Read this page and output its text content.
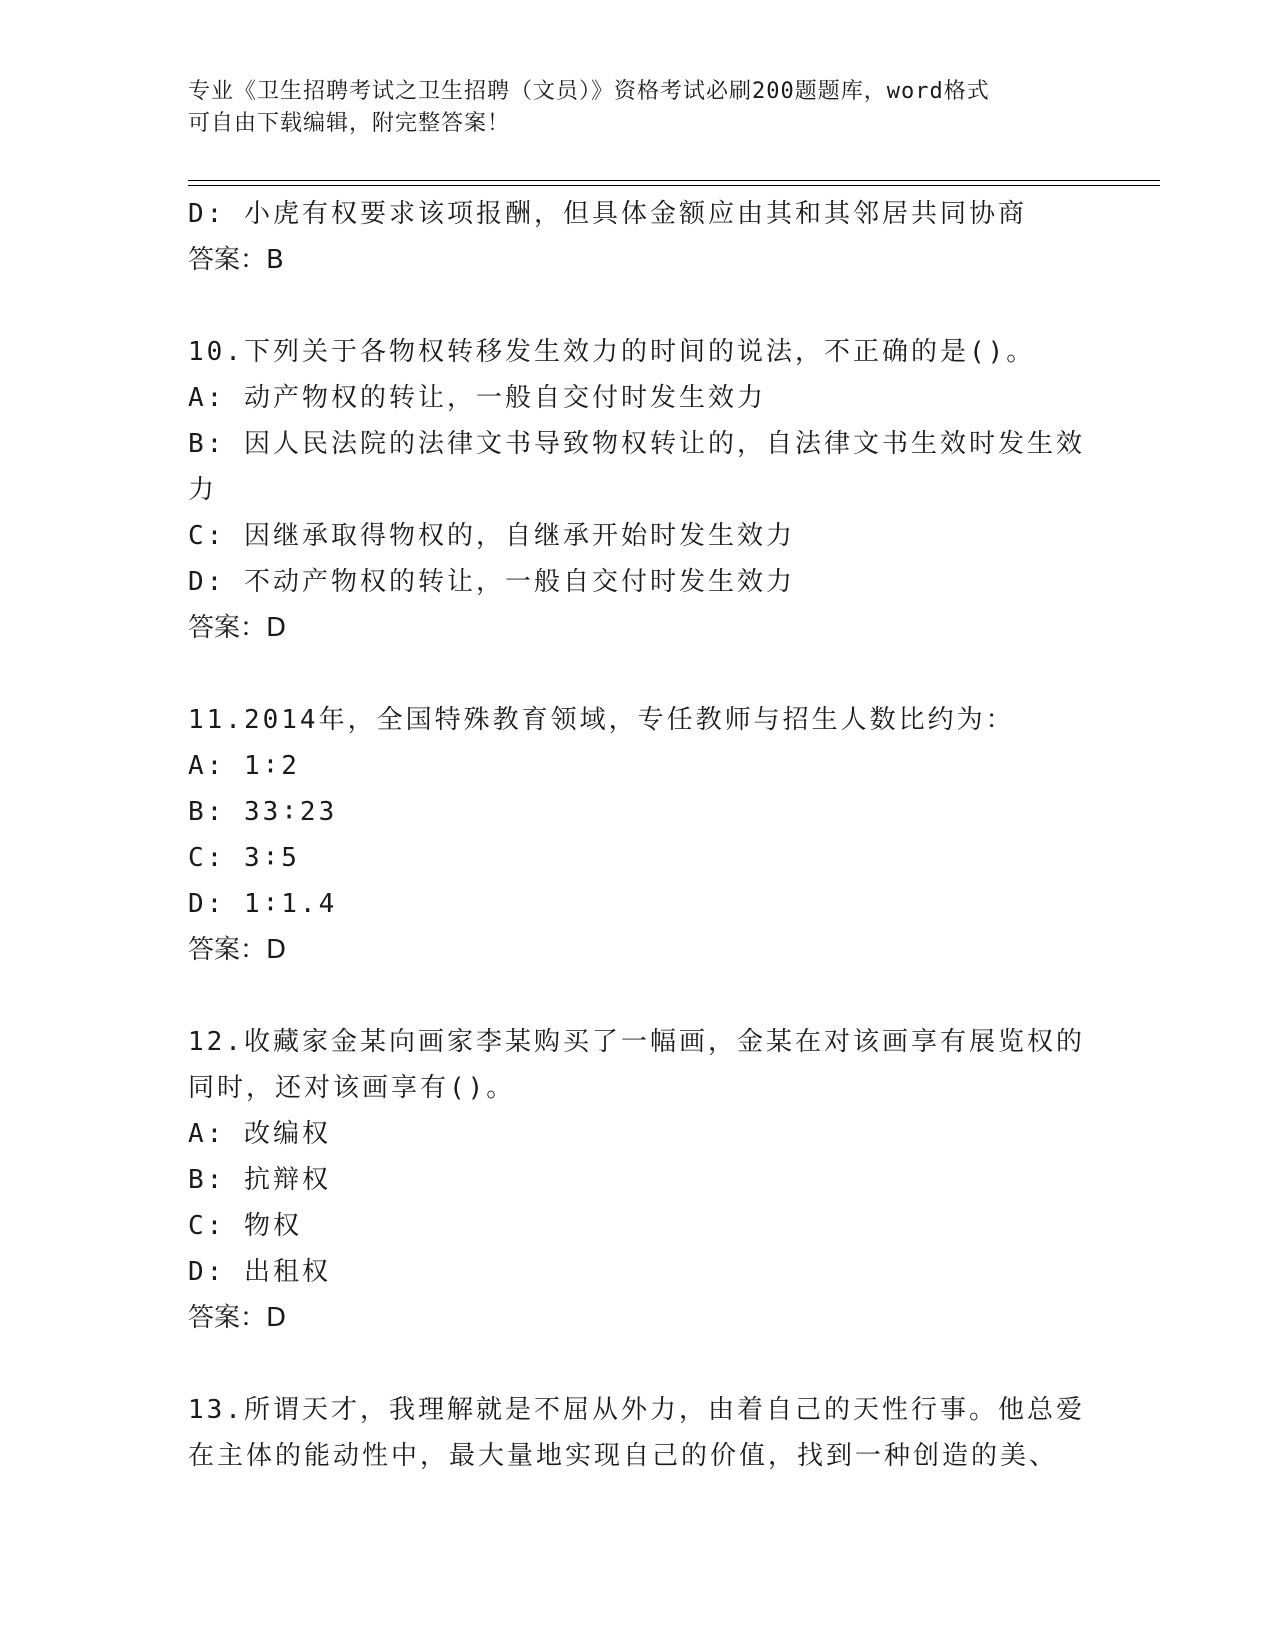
专业《卫生招聘考试之卫生招聘（文员）》资格考试必刷200题题库，word格式
可自由下载编辑，附完整答案！
D: 小虎有权要求该项报酬，但具体金额应由其和其邻居共同协商
答案：B
10.下列关于各物权转移发生效力的时间的说法，不正确的是()。
A: 动产物权的转让，一般自交付时发生效力
B: 因人民法院的法律文书导致物权转让的，自法律文书生效时发生效力
C: 因继承取得物权的，自继承开始时发生效力
D: 不动产物权的转让，一般自交付时发生效力
答案：D
11.2014年，全国特殊教育领域，专任教师与招生人数比约为：
A: 1∶2
B: 33∶23
C: 3∶5
D: 1∶1.4
答案：D
12.收藏家金某向画家李某购买了一幅画，金某在对该画享有展览权的同时，还对该画享有()。
A: 改编权
B: 抗辩权
C: 物权
D: 出租权
答案：D
13.所谓天才，我理解就是不屈从外力，由着自己的天性行事。他总爱在主体的能动性中，最大量地实现自己的价值，找到一种创造的美、
